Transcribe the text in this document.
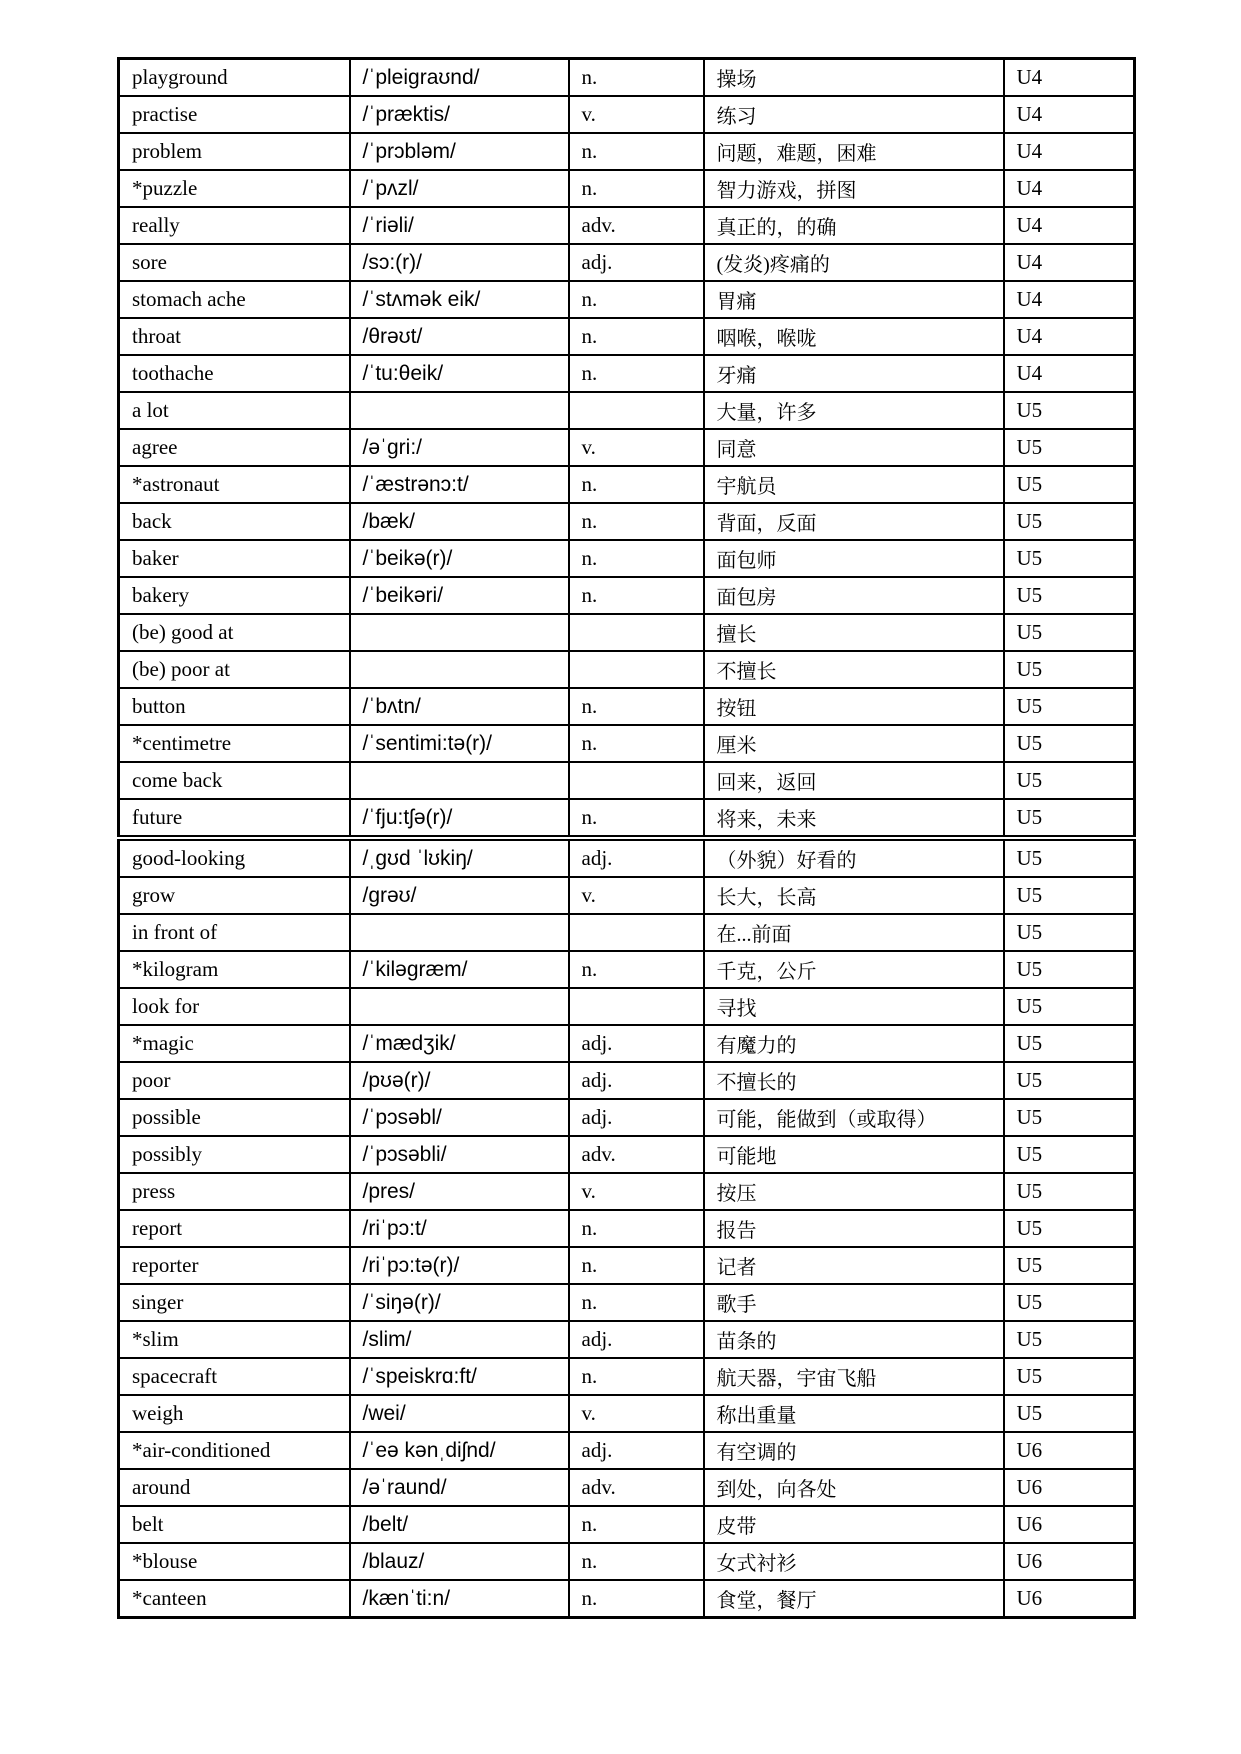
playground	/ˈpleigraʊnd/	n.	操场	U4
practise	/ˈpræktis/	v.	练习	U4
problem	/ˈprɔbləm/	n.	问题，难题，困难	U4
*puzzle	/ˈpʌzl/	n.	智力游戏，拼图	U4
really	/ˈriəli/	adv.	真正的，的确	U4
sore	/sɔ:(r)/	adj.	(发炎)疼痛的	U4
stomach ache	/ˈstʌmək eik/	n.	胃痛	U4
throat	/θrəʊt/	n.	咽喉，喉咙	U4
toothache	/ˈtu:θeik/	n.	牙痛	U4
a lot			大量，许多	U5
agree	/əˈgri:/	v.	同意	U5
*astronaut	/ˈæstrənɔ:t/	n.	宇航员	U5
back	/bæk/	n.	背面，反面	U5
baker	/ˈbeikə(r)/	n.	面包师	U5
bakery	/ˈbeikəri/	n.	面包房	U5
(be) good at			擅长	U5
(be) poor at			不擅长	U5
button	/ˈbʌtn/	n.	按钮	U5
*centimetre	/ˈsentimi:tə(r)/	n.	厘米	U5
come back			回来，返回	U5
future	/ˈfju:tʃə(r)/	n.	将来，未来	U5
good-looking	/ˌgʊd ˈlʊkiŋ/	adj.	（外貌）好看的	U5
grow	/grəʊ/	v.	长大，长高	U5
in front of			在...前面	U5
*kilogram	/ˈkiləgræm/	n.	千克，公斤	U5
look for			寻找	U5
*magic	/ˈmædʒik/	adj.	有魔力的	U5
poor	/pʊə(r)/	adj.	不擅长的	U5
possible	/ˈpɔsəbl/	adj.	可能，能做到（或取得）	U5
possibly	/ˈpɔsəbli/	adv.	可能地	U5
press	/pres/	v.	按压	U5
report	/riˈpɔ:t/	n.	报告	U5
reporter	/riˈpɔ:tə(r)/	n.	记者	U5
singer	/ˈsiŋə(r)/	n.	歌手	U5
*slim	/slim/	adj.	苗条的	U5
spacecraft	/ˈspeiskrɑ:ft/	n.	航天器，宇宙飞船	U5
weigh	/wei/	v.	称出重量	U5
*air-conditioned	/ˈeə kənˌdiʃnd/	adj.	有空调的	U6
around	/əˈraund/	adv.	到处，向各处	U6
belt	/belt/	n.	皮带	U6
*blouse	/blauz/	n.	女式衬衫	U6
*canteen	/kænˈti:n/	n.	食堂，餐厅	U6
